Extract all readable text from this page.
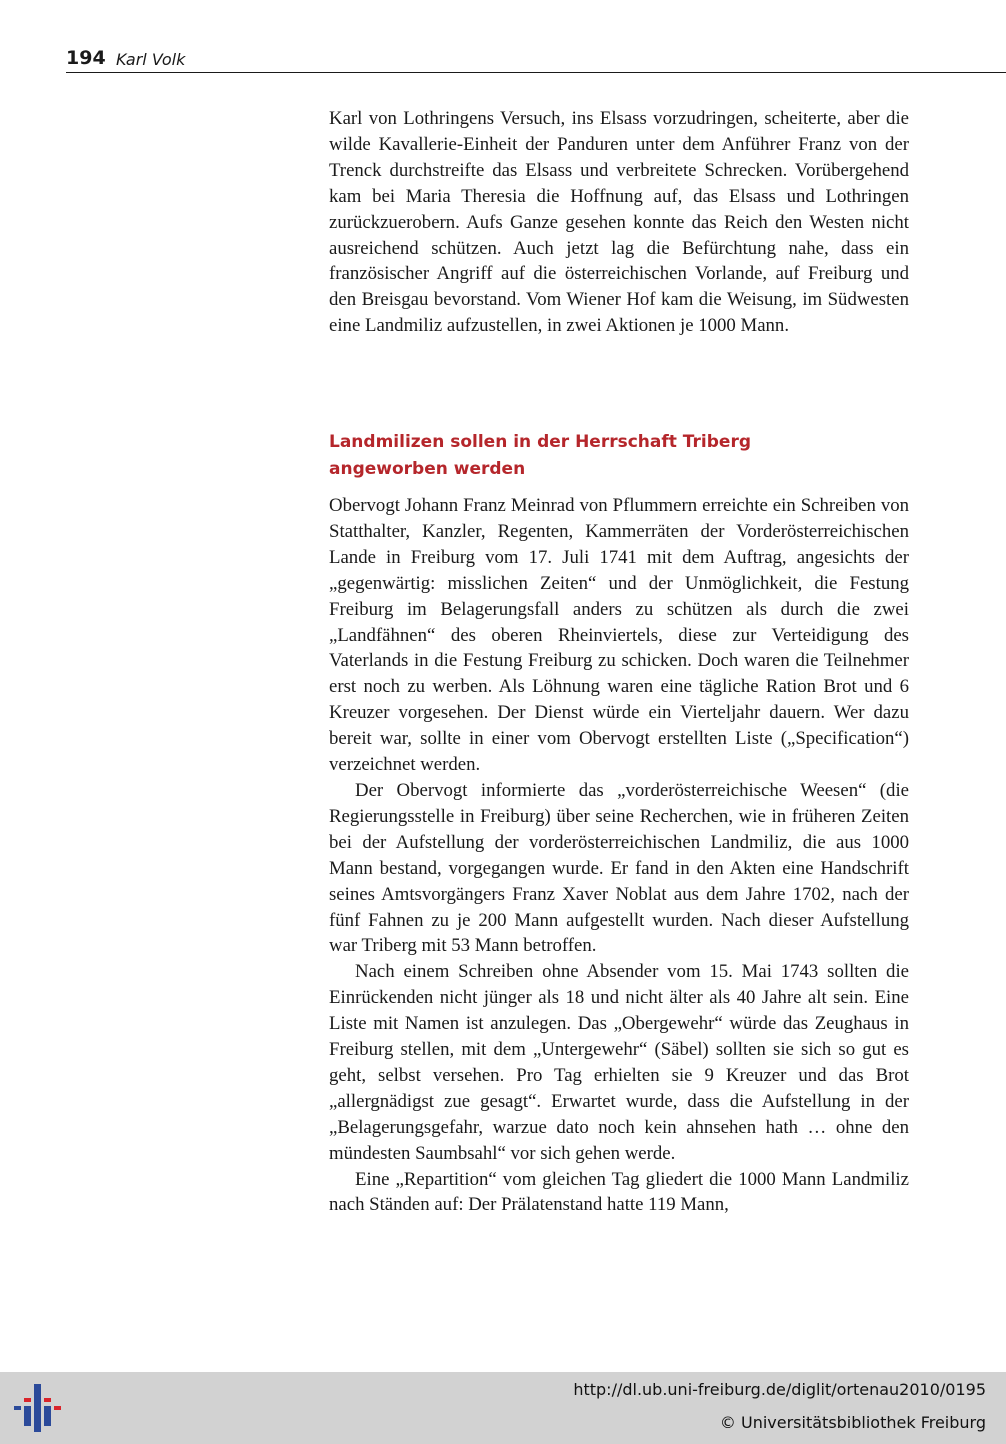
194 Karl Volk

Karl von Lothringens Versuch, ins Elsass vorzudringen, scheiterte, aber die wilde Kavallerie-Einheit der Panduren unter dem Anführer Franz von der Trenck durchstreifte das Elsass und verbreitete Schrecken. Vorübergehend kam bei Maria Theresia die Hoffnung auf, das Elsass und Lothringen zurückzuerobern. Aufs Ganze gesehen konnte das Reich den Westen nicht ausreichend schützen. Auch jetzt lag die Befürchtung nahe, dass ein französischer Angriff auf die österreichischen Vorlande, auf Freiburg und den Breisgau bevorstand. Vom Wiener Hof kam die Weisung, im Südwesten eine Landmiliz aufzustellen, in zwei Aktionen je 1000 Mann.

Landmilizen sollen in der Herrschaft Triberg
angeworben werden

Obervogt Johann Franz Meinrad von Pflummern erreichte ein Schreiben von Statthalter, Kanzler, Regenten, Kammerräten der Vorderösterreichischen Lande in Freiburg vom 17. Juli 1741 mit dem Auftrag, angesichts der „gegenwärtig: misslichen Zeiten“ und der Unmöglichkeit, die Festung Freiburg im Belagerungsfall anders zu schützen als durch die zwei „Landfähnen“ des oberen Rheinviertels, diese zur Verteidigung des Vaterlands in die Festung Freiburg zu schicken. Doch waren die Teilnehmer erst noch zu werben. Als Löhnung waren eine tägliche Ration Brot und 6 Kreuzer vorgesehen. Der Dienst würde ein Vierteljahr dauern. Wer dazu bereit war, sollte in einer vom Obervogt erstellten Liste („Specification“) verzeichnet werden.

Der Obervogt informierte das „vorderösterreichische Weesen“ (die Regierungsstelle in Freiburg) über seine Recherchen, wie in früheren Zeiten bei der Aufstellung der vorderösterreichischen Landmiliz, die aus 1000 Mann bestand, vorgegangen wurde. Er fand in den Akten eine Handschrift seines Amtsvorgängers Franz Xaver Noblat aus dem Jahre 1702, nach der fünf Fahnen zu je 200 Mann aufgestellt wurden. Nach dieser Aufstellung war Triberg mit 53 Mann betroffen.

Nach einem Schreiben ohne Absender vom 15. Mai 1743 sollten die Einrückenden nicht jünger als 18 und nicht älter als 40 Jahre alt sein. Eine Liste mit Namen ist anzulegen. Das „Obergewehr“ würde das Zeughaus in Freiburg stellen, mit dem „Untergewehr“ (Säbel) sollten sie sich so gut es geht, selbst versehen. Pro Tag erhielten sie 9 Kreuzer und das Brot „allergnädigst zue gesagt“. Erwartet wurde, dass die Aufstellung in der „Belagerungsgefahr, warzue dato noch kein ahnsehen hath … ohne den mündesten Saumbsahl“ vor sich gehen werde.

Eine „Repartition“ vom gleichen Tag gliedert die 1000 Mann Landmiliz nach Ständen auf: Der Prälatenstand hatte 119 Mann,

http://dl.ub.uni-freiburg.de/diglit/ortenau2010/0195
© Universitätsbibliothek Freiburg
